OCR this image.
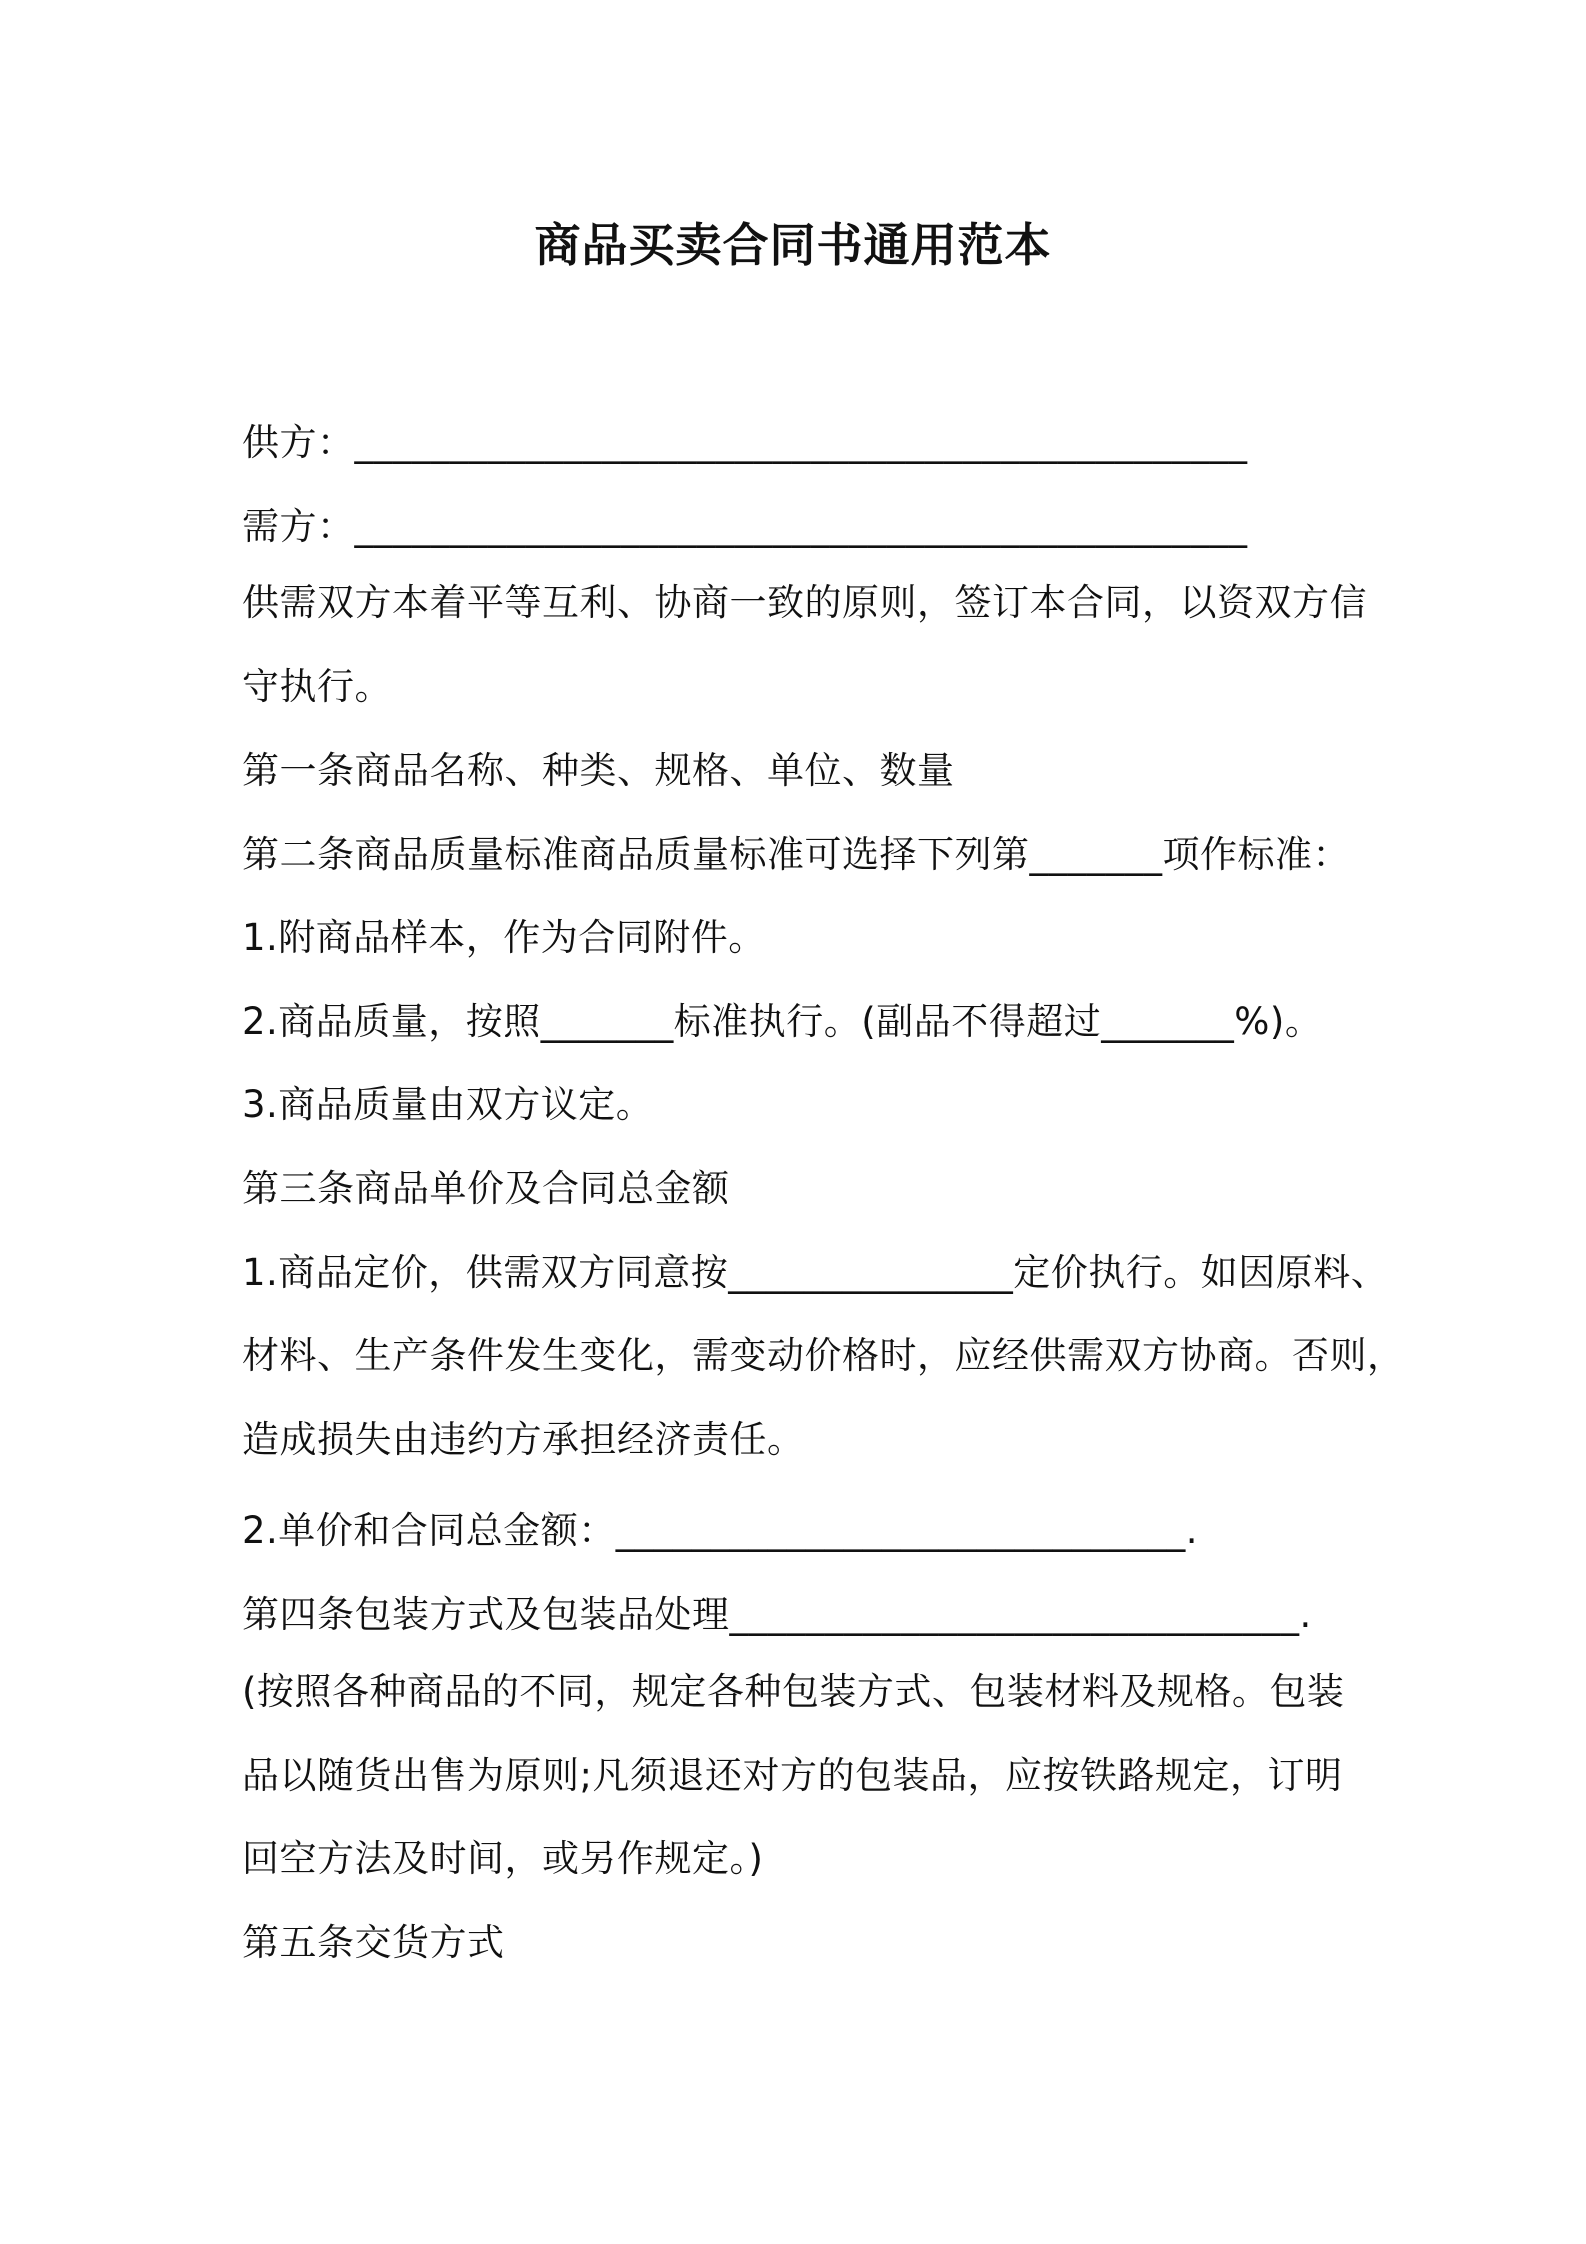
商品买卖合同书通用范本
供方：_______________________________________________
需方：_______________________________________________
供需双方本着平等互利、协商一致的原则，签订本合同，以资双方信
守执行。
第一条商品名称、种类、规格、单位、数量
第二条商品质量标准商品质量标准可选择下列第_______项作标准：
1.附商品样本，作为合同附件。
2.商品质量，按照_______标准执行。(副品不得超过_______%)。
3.商品质量由双方议定。
第三条商品单价及合同总金额
1.商品定价，供需双方同意按_______________定价执行。如因原料、
材料、生产条件发生变化，需变动价格时，应经供需双方协商。否则，
造成损失由违约方承担经济责任。
2.单价和合同总金额：______________________________.
第四条包装方式及包装品处理______________________________.
(按照各种商品的不同，规定各种包装方式、包装材料及规格。包装
品以随货出售为原则;凡须退还对方的包装品，应按铁路规定，订明
回空方法及时间，或另作规定。)
第五条交货方式
